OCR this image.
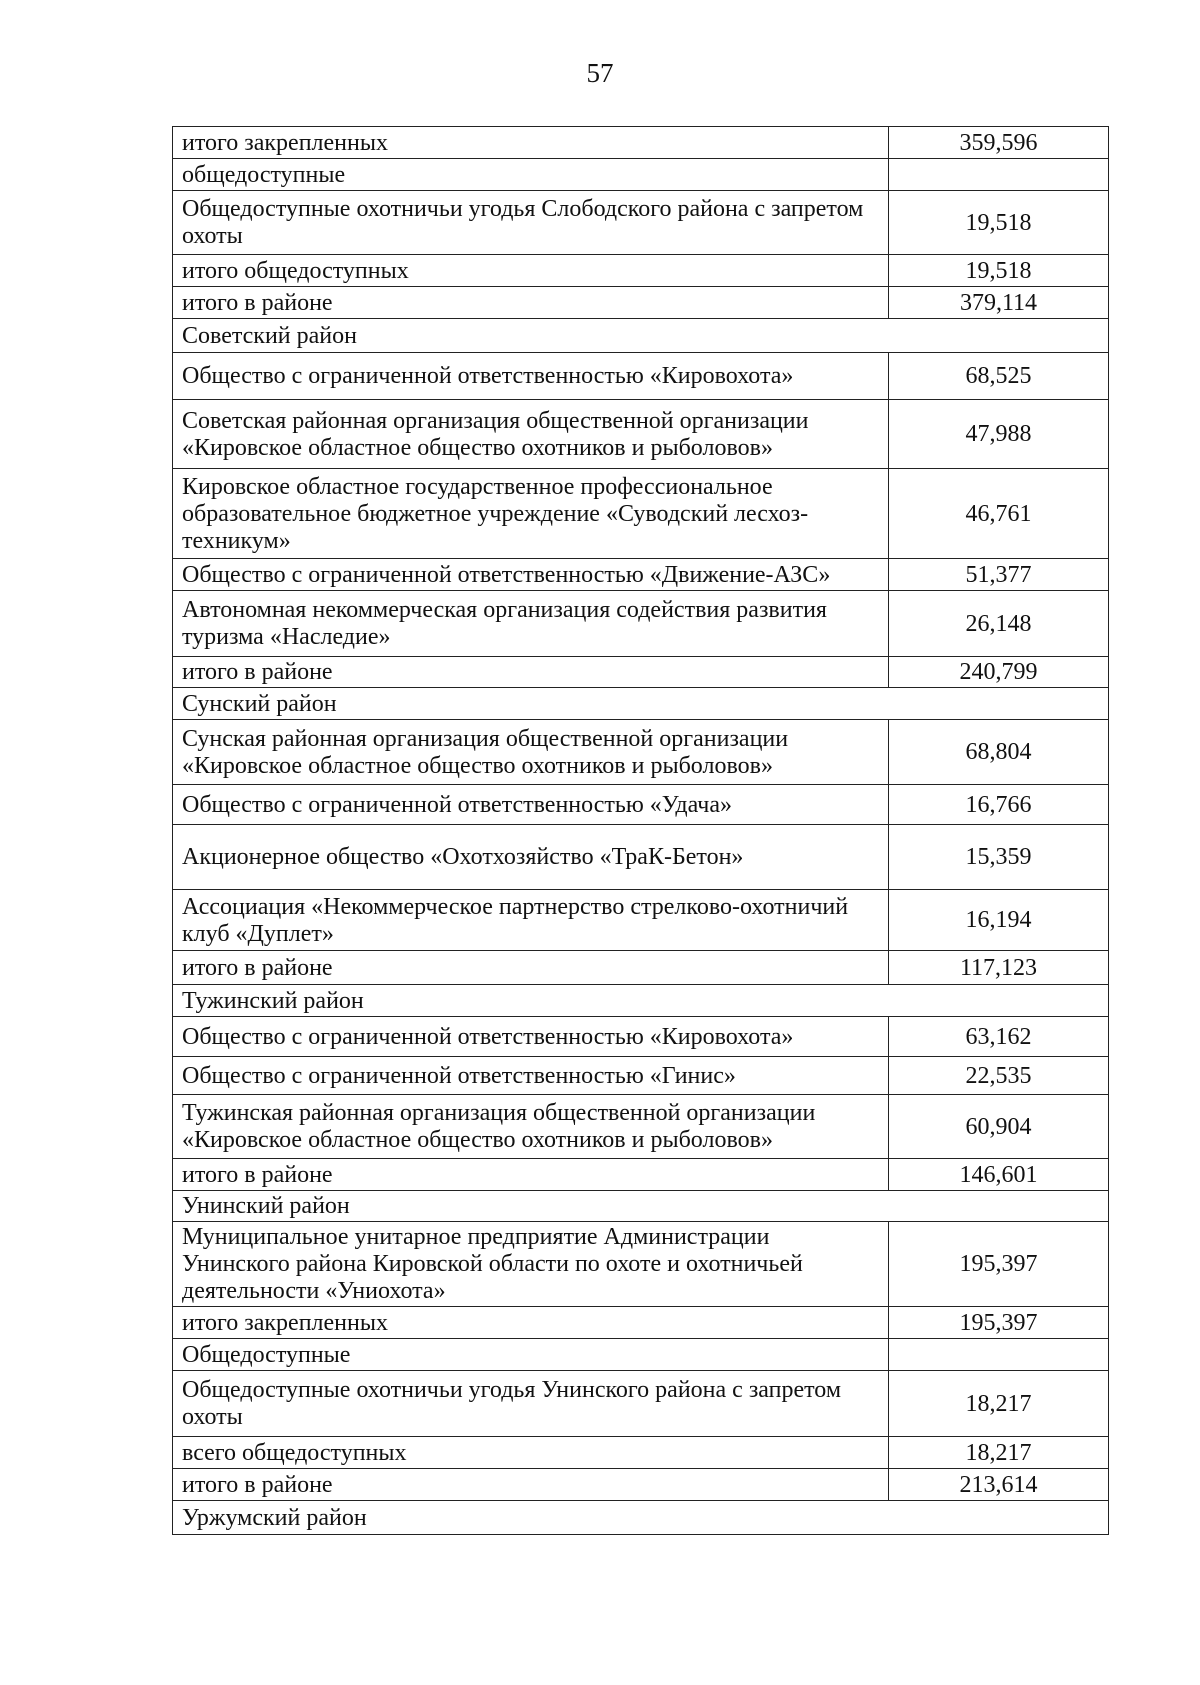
57
итого закрепленных	359,596
общедоступные	
Общедоступные охотничьи угодья Слободского района с запретом охоты	19,518
итого общедоступных	19,518
итого в районе	379,114
Советский район	
Общество с ограниченной ответственностью «Кировохота»	68,525
Советская районная организация общественной организации «Кировское областное общество охотников и рыболовов»	47,988
Кировское областное государственное профессиональное образовательное бюджетное учреждение «Суводский лесхоз-техникум»	46,761
Общество с ограниченной ответственностью «Движение-АЗС»	51,377
Автономная некоммерческая организация содействия развития туризма «Наследие»	26,148
итого в районе	240,799
Сунский район	
Сунская районная организация общественной организации «Кировское областное общество охотников и рыболовов»	68,804
Общество с ограниченной ответственностью «Удача»	16,766
Акционерное общество «Охотхозяйство «ТраК-Бетон»	15,359
Ассоциация «Некоммерческое партнерство стрелково-охотничий клуб «Дуплет»	16,194
итого в районе	117,123
Тужинский район	
Общество с ограниченной ответственностью «Кировохота»	63,162
Общество с ограниченной ответственностью «Гинис»	22,535
Тужинская районная организация общественной организации «Кировское областное общество охотников и рыболовов»	60,904
итого в районе	146,601
Унинский район	
Муниципальное унитарное предприятие Администрации Унинского района Кировской области по охоте и охотничьей деятельности «Униохота»	195,397
итого закрепленных	195,397
Общедоступные	
Общедоступные охотничьи угодья Унинского района с запретом охоты	18,217
всего общедоступных	18,217
итого в районе	213,614
Уржумский район	
